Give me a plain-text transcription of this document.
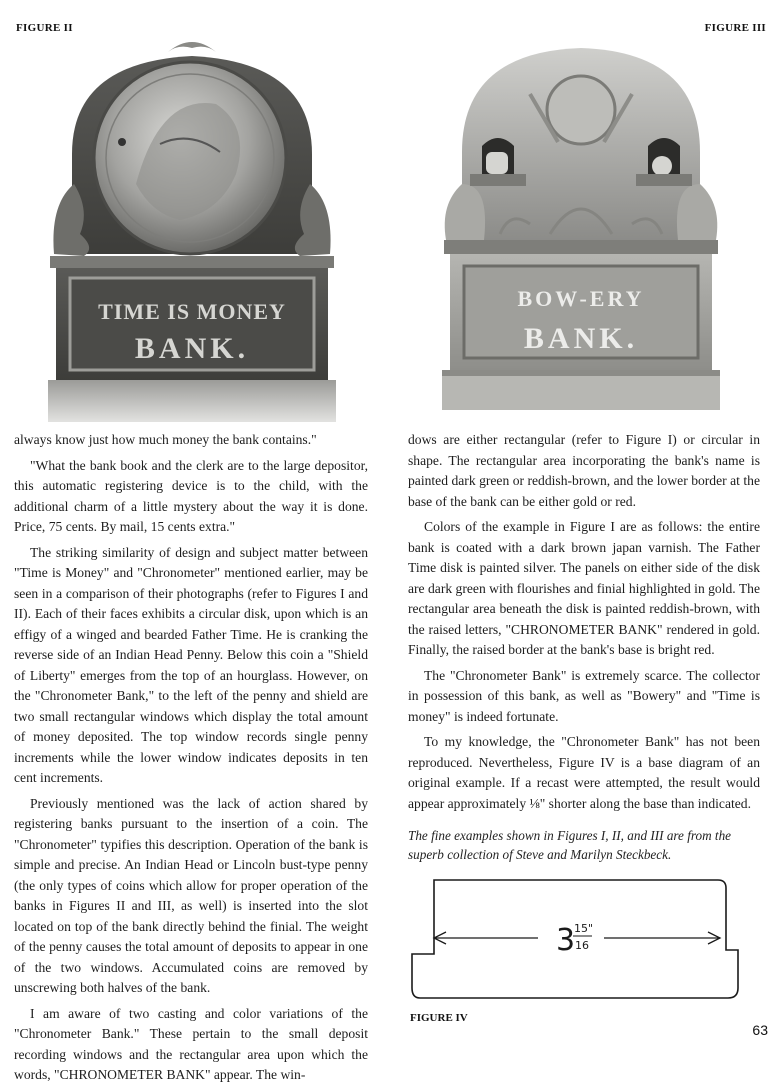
FIGURE II	FIGURE III
TIME IS MONEY
BANK.
BOW-ERY
BANK.

always know just how much money the bank contains."

"What the bank book and the clerk are to the large depositor, this automatic registering device is to the child, with the additional charm of a little mystery about the way it is done. Price, 75 cents. By mail, 15 cents extra."

The striking similarity of design and subject matter between "Time is Money" and "Chronometer" mentioned earlier, may be seen in a comparison of their photographs (refer to Figures I and II). Each of their faces exhibits a circular disk, upon which is an effigy of a winged and bearded Father Time. He is cranking the reverse side of an Indian Head Penny. Below this coin a "Shield of Liberty" emerges from the top of an hourglass. However, on the "Chronometer Bank," to the left of the penny and shield are two small rectangular windows which display the total amount of money deposited. The top window records single penny increments while the lower window indicates deposits in ten cent increments.

Previously mentioned was the lack of action shared by registering banks pursuant to the insertion of a coin. The "Chronometer" typifies this description. Operation of the bank is simple and precise. An Indian Head or Lincoln bust-type penny (the only types of coins which allow for proper operation of the banks in Figures II and III, as well) is inserted into the slot located on top of the bank directly behind the finial. The weight of the penny causes the total amount of deposits to appear in one of the two windows. Accumulated coins are removed by unscrewing both halves of the bank.

I am aware of two casting and color variations of the "Chronometer Bank." These pertain to the small deposit recording windows and the rectangular area upon which the words, "CHRONOMETER BANK" appear. The win-

dows are either rectangular (refer to Figure I) or circular in shape. The rectangular area incorporating the bank's name is painted dark green or reddish-brown, and the lower border at the base of the bank can be either gold or red.

Colors of the example in Figure I are as follows: the entire bank is coated with a dark brown japan varnish. The Father Time disk is painted silver. The panels on either side of the disk are dark green with flourishes and finial highlighted in gold. The rectangular area beneath the disk is painted reddish-brown, with the raised letters, "CHRONOMETER BANK" rendered in gold. Finally, the raised border at the bank's base is bright red.

The "Chronometer Bank" is extremely scarce. The collector in possession of this bank, as well as "Bowery" and "Time is money" is indeed fortunate.

To my knowledge, the "Chronometer Bank" has not been reproduced. Nevertheless, Figure IV is a base diagram of an original example. If a recast were attempted, the result would appear approximately ⅛" shorter along the base than indicated.

The fine examples shown in Figures I, II, and III are from the superb collection of Steve and Marilyn Steckbeck.
3
15"
16
FIGURE IV
63
